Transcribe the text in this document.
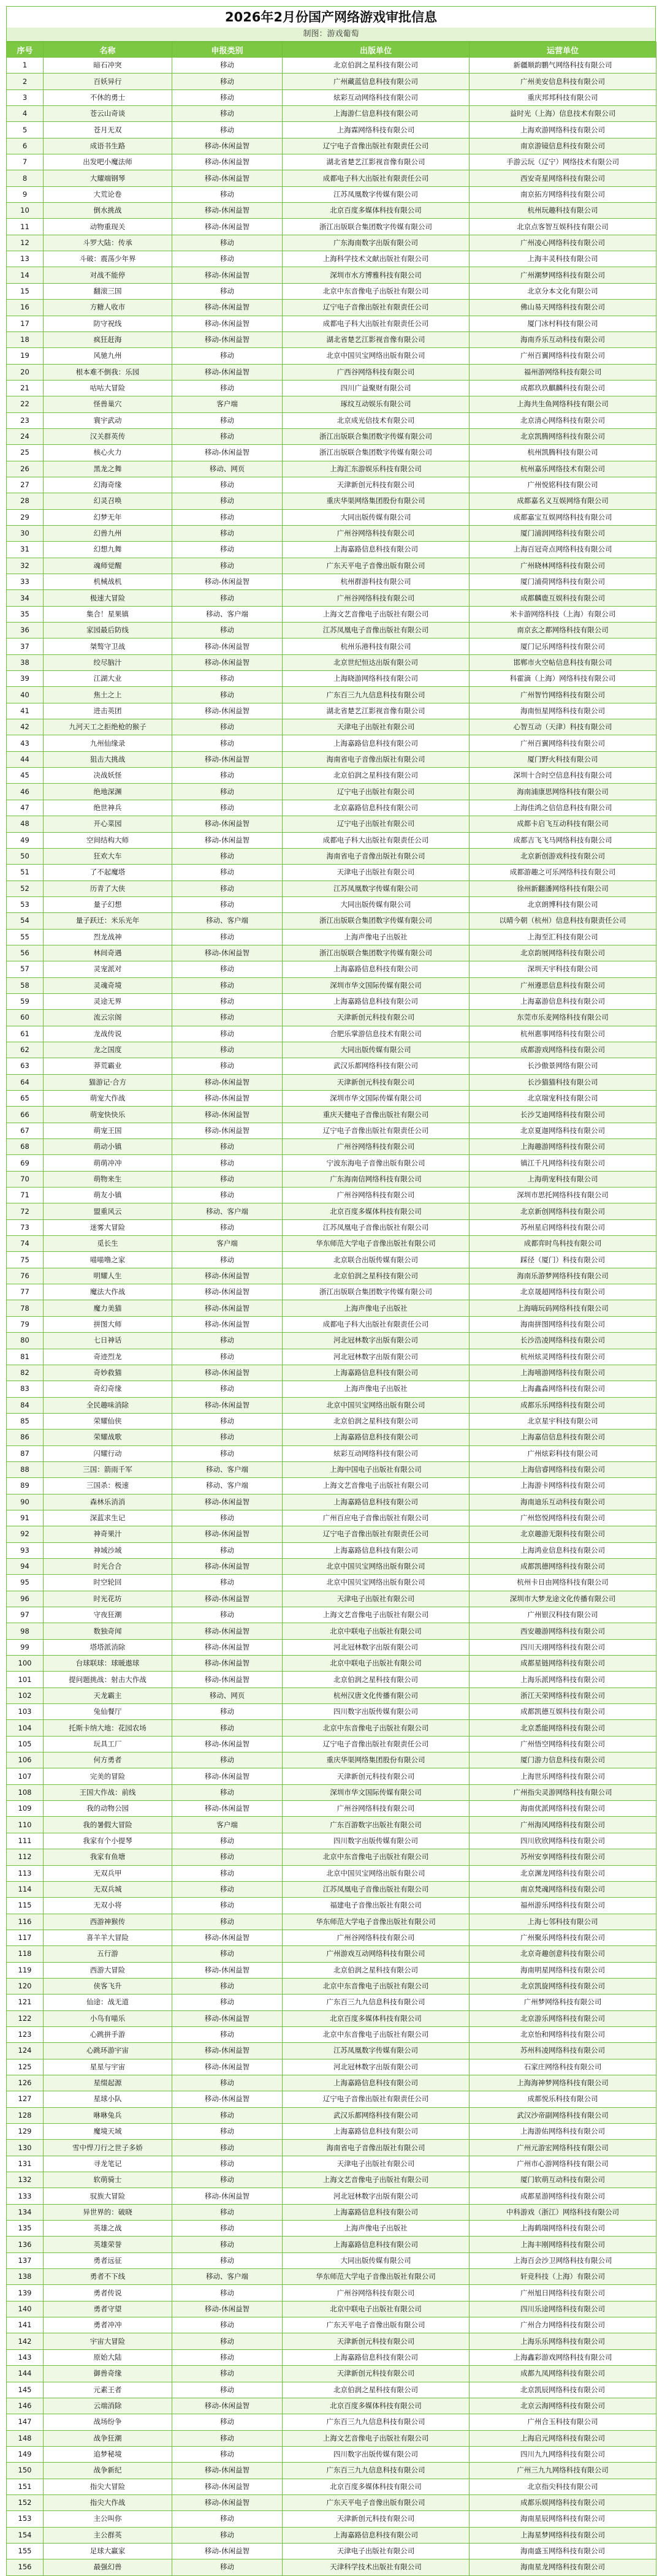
2026年2月份国产网络游戏审批信息
制图：游戏葡萄
序号	名称	申报类别	出版单位	运营单位
1	暗石冲突	移动	北京伯润之星科技有限公司	新疆顺韵鹏气网络科技有限公司
2	百妖异行	移动	广州藏蓝信息科技有限公司	广州美安信息科技有限公司
3	不休的勇士	移动	炫彩互动网络科技有限公司	重庆邦邦科技有限公司
4	苍云山奇谈	移动	上海游仁信息科技有限公司	益时光（上海）信息技术有限公司
5	苍月无双	移动	上海霖网络科技有限公司	上海欢游网络科技有限公司
6	成语书生路	移动-休闲益智	辽宁电子音像出版社有限责任公司	南京游镜信息科技有限公司
7	出发吧小魔法师	移动-休闲益智	湖北省楚艺江影视音像有限公司	手游云玩（辽宁）网络技术有限公司
8	大耀端钢琴	移动-休闲益智	成都电子科大出版社有限责任公司	西安奇星网络科技有限公司
9	大荒论卷	移动	江苏凤凰数字传媒有限公司	南京拓方网络科技有限公司
10	倒水挑战	移动-休闲益智	北京百度多媒体科技有限公司	杭州玩趣科技有限公司
11	动物重现关	移动-休闲益智	浙江出版联合集团数字传媒有限公司	北京点客智互娱科技有限公司
12	斗罗大陆：传承	移动	广东海南数字出版有限公司	广州凌心网络科技有限公司
13	斗破：震荡少年界	移动	上海科学技术文献出版社有限公司	上海丰灵科技有限公司
14	对战不能停	移动-休闲益智	深圳市水方博雅科技有限公司	广州潮梦网络科技有限公司
15	翻滚三国	移动	北京中东音像电子出版社有限公司	北京分本文化有限公司
16	方糖人收市	移动-休闲益智	辽宁电子音像出版社有限责任公司	佛山易天网络科技有限公司
17	防守祝线	移动-休闲益智	成都电子科大出版社有限责任公司	厦门冰村科技有限公司
18	疯狂赶海	移动-休闲益智	湖北省楚艺江影视音像有限公司	海南乔乐互动科技有限公司
19	风驰九州	移动	北京中国贝宝网络出版有限公司	广州百翼网络科技有限公司
20	根本难不倒我：乐园	移动-休闲益智	广西谷网络科技有限公司	福州游网络科技有限公司
21	咕咕大冒险	移动	四川广益聚财有限公司	成都玖玖麒麟科技有限公司
22	怪兽巢穴	客户端	琢纹互动娱乐有限公司	上海共生鱼网络科技有限公司
23	寰宇武动	移动	北京成光信技术有限公司	北京清心网络科技有限公司
24	汉关群英传	移动	浙江出版联合集团数字传媒有限公司	北京凯腾网络科技有限公司
25	核心火力	移动-休闲益智	浙江出版联合集团数字传媒有限公司	杭州凯腾科技有限公司
26	黑龙之舞	移动、网页	上海汇东游娱乐科技有限公司	杭州嘉乐网络技术有限公司
27	幻海奇缘	移动	天津新创元科技有限公司	广州悦铭科技有限公司
28	幻灵召唤	移动	重庆华渠网络集团股份有限公司	成都嘉名义互娱网络有限公司
29	幻梦无年	移动	大同出版传媒有限公司	成都嘉宝互娱网络科技有限公司
30	幻兽九州	移动	广州谷网络科技有限公司	厦门浦润网络科技有限公司
31	幻想九舞	移动	上海嘉路信息科技有限公司	上海百冠奇点网络科技有限公司
32	魂师觉醒	移动	广东天平电子音像出版有限公司	广州晓林网络科技有限公司
33	机械战机	移动-休闲益智	杭州群游科技有限公司	厦门浦荷网络科技有限公司
34	极速大冒险	移动	广州谷网络科技有限公司	成都麟鹿互娱科技有限公司
35	集合！星果镇	移动、客户端	上海文艺音像电子出版社有限公司	米卡游网络科技（上海）有限公司
36	家园最后防线	移动	江苏凤凰电子音像出版社有限公司	南京玄之都网络科技有限公司
37	桀骜守卫战	移动-休闲益智	杭州乐港科技有限公司	厦门记乐网络科技有限公司
38	绞尽脑汁	移动-休闲益智	北京世纪恒达出版有限公司	邯郸市火空帖信息科技有限公司
39	江湖大业	移动	上海晓游网络科技有限公司	科霍滴（上海）网络科技有限公司
40	焦土之上	移动	广东百三九九信息科技有限公司	广州智竹网络科技有限公司
41	进击英团	移动-休闲益智	湖北省楚艺江影视音像有限公司	海南恒星网络科技有限公司
42	九河天工之拒绝枪的猴子	移动	天津电子出版社有限公司	心智互动（天津）科技有限公司
43	九州仙缘录	移动	上海嘉路信息科技有限公司	广州百翼网络科技有限公司
44	狙击大挑战	移动-休闲益智	海南省电子音像出版社有限公司	厦门野火科技有限公司
45	决战妖怪	移动	北京伯润之星科技有限公司	深圳十合时空信息科技有限公司
46	绝地深渊	移动	辽宁电子出版社有限公司	海南浦康思网络科技有限公司
47	绝世神兵	移动	北京嘉路信息科技有限公司	上海佳鸿之信信息科技有限公司
48	开心菜园	移动-休闲益智	辽宁电子出版社有限公司	成都卡启飞互动科技有限公司
49	空间结构大师	移动-休闲益智	成都电子科大出版社有限责任公司	成都吉飞飞马网络科技有限公司
50	狂欢大车	移动	海南省电子音像出版社有限公司	北京新创游戏科技有限公司
51	了不起魔塔	移动	天津电子出版社有限公司	成都游趣之可乐网络科技有限公司
52	历青了大侠	移动	江苏凤凰数字传媒有限公司	徐州新翻潘网络科技有限公司
53	量子幻想	移动	大同出版传媒有限公司	北京朗博科技有限公司
54	量子跃迁：米乐光年	移动、客户端	浙江出版联合集团数字传媒有限公司	以晴今朝（杭州）信息科技有限责任公司
55	烈龙战神	移动	上海声像电子出版社	上海至汇科技有限公司
56	林间奇遇	移动-休闲益智	浙江出版联合集团数字传媒有限公司	北京韵展网络科技有限公司
57	灵宠派对	移动	上海嘉路信息科技有限公司	深圳天宇科技有限公司
58	灵魂奇境	移动	深圳市华文国际传媒有限公司	广州遵思信息科技有限公司
59	灵途无界	移动	上海嘉路信息科技有限公司	上海嘉游信息科技有限公司
60	流云宗阁	移动	天津新创元科技有限公司	东莞市乐麦网络科技有限公司
61	龙战传说	移动	合肥乐掌游信息技术有限公司	杭州惠事网络科技有限公司
62	龙之国度	移动	大同出版传媒有限公司	成都游戏网络科技有限公司
63	莽荒霸业	移动	武汉乐都网络科技有限公司	长沙傲景网络有限公司
64	猫游记·合方	移动-休闲益智	天津新创元科技有限公司	长沙猫猫科技有限公司
65	萌宠大作战	移动-休闲益智	深圳市华文国际传媒有限公司	北京瑞宠科技有限公司
66	萌宠快快乐	移动-休闲益智	重庆天健电子音像出版社有限公司	长沙艾迪网络科技有限公司
67	萌宠王国	移动-休闲益智	辽宁电子音像出版社有限责任公司	北京夏迦网络科技有限公司
68	萌动小镇	移动	广州谷网络科技有限公司	上海趣游网络科技有限公司
69	萌萌冲冲	移动	宁波东海电子音像出版有限公司	镇江千凡网络科技有限公司
70	萌物来生	移动	广东海南信网络科技有限公司	上海萌宠科技有限公司
71	萌友小镇	移动	广州谷网络科技有限公司	深圳市思托网络科技有限公司
72	盟重风云	移动、客户端	北京百度多媒体科技有限公司	北京新创网络科技有限公司
73	迷雾大冒险	移动	江苏凤凰电子音像出版社有限公司	苏州星启网络科技有限公司
74	觅长生	客户端	华东师范大学电子音像出版社有限公司	成都弈时鸟科技有限公司
75	喵喵噜之家	移动	北京联合出版传媒有限公司	踩径（厦门）科技有限公司
76	明耀人生	移动-休闲益智	北京伯润之星科技有限公司	海南乐游梦网络科技有限公司
77	魔法大作战	移动-休闲益智	浙江出版联合集团数字传媒有限公司	北京晟超网络科技有限公司
78	魔力美猫	移动-休闲益智	上海声像电子出版社	上海嗨玩码网络科技有限公司
79	拼图大师	移动-休闲益智	成都电子科大出版社有限责任公司	海南拼图网络科技有限公司
80	七日神话	移动	河北冠林数字出版有限公司	长沙浩凌网络科技有限公司
81	奇迹烈龙	移动	河北冠林数字出版有限公司	杭州炫灵网络科技有限公司
82	奇妙救猫	移动-休闲益智	上海嘉路信息科技有限公司	上海嘻游网络科技有限公司
83	奇幻奇缘	移动	上海声像电子出版社	上海鑫淼网络科技有限公司
84	全民趣味消除	移动-休闲益智	北京中国贝宝网络出版有限公司	成都乐乐网络科技有限公司
85	荣耀仙侠	移动	北京伯润之星科技有限公司	北京星宇科技有限公司
86	荣耀战歌	移动	上海嘉路信息科技有限公司	上海嘉信信息科技有限公司
87	闪耀行动	移动	炫彩互动网络科技有限公司	广州炫彩科技有限公司
88	三国：箭雨千军	移动、客户端	上海中国电子出版社有限公司	上海信睿网络科技有限公司
89	三国杀：极速	移动、客户端	上海文艺音像电子出版社有限公司	上海游卡网络科技有限公司
90	森林乐消消	移动-休闲益智	上海嘉路信息科技有限公司	海南迪乐互动科技有限公司
91	深蓝求生记	移动	广州百应电子音像出版社有限公司	广州悠悦网络科技有限公司
92	神奇果汁	移动-休闲益智	辽宁电子音像出版社有限责任公司	北京趣游无限科技有限公司
93	神域沙域	移动	上海嘉路信息科技有限公司	上海鸿业信息科技有限公司
94	时光合合	移动-休闲益智	北京中国贝宝网络出版有限公司	成都凯德网络科技有限公司
95	时空轮回	移动	北京中国贝宝网络出版有限公司	杭州卡日由网络科技有限公司
96	时光花坊	移动-休闲益智	天津电子出版社有限公司	深圳市大梦龙途文化传播有限公司
97	守夜狂潮	移动	上海文艺音像电子出版社有限公司	广州银汉科技有限公司
98	数独奇闻	移动-休闲益智	北京中联电子出版社有限公司	西安趣游网络科技有限公司
99	塔塔派消除	移动-休闲益智	河北冠林数字出版有限公司	四川天翊网络科技有限公司
100	台球联球：球暖遨球	移动-休闲益智	北京中联电子出版社有限公司	成都星链网络科技有限公司
101	提问题挑战：射击大作战	移动-休闲益智	北京伯润之星科技有限公司	上海乐派网络科技有限公司
102	天龙霸主	移动、网页	杭州汉唐文化传播有限公司	浙江天荣网络科技有限公司
103	兔仙餐厅	移动	四川数字出版传媒有限公司	成都凯德互娱科技有限公司
104	托斯卡纳大地：花园农场	移动	北京中东音像电子出版社有限公司	北京悉能网络科技有限公司
105	玩具工厂	移动-休闲益智	辽宁电子音像出版社有限责任公司	广州悟空网络科技有限公司
106	何方勇者	移动	重庆华渠网络集团股份有限公司	厦门游力信息科技有限公司
107	完美的冒险	移动-休闲益智	天津新创元科技有限公司	上海世乐网络科技有限公司
108	王国大作战：前线	移动	深圳市华文国际传媒有限公司	广州指尖灵游网络科技有限公司
109	我的动物公园	移动-休闲益智	广州谷网络科技有限公司	海南优派网络科技有限公司
110	我的暑假大冒险	客户端	广东百游数字出版社有限公司	广州海风网络科技有限公司
111	我家有个小提琴	移动	四川数字出版传媒有限公司	四川欣欣网络科技有限公司
112	我家有鱼塘	移动	北京中东音像电子出版社有限公司	苏州安享网络科技有限公司
113	无双兵甲	移动	北京中国贝宝网络出版有限公司	北京渊龙网络科技有限公司
114	无双兵城	移动	江苏凤凰电子音像出版社有限公司	南京梵魂网络科技有限公司
115	无双小将	移动	福建电子音像出版社有限公司	福州游乐网络科技有限公司
116	西游神猴传	移动	华东师范大学电子音像出版社有限公司	上海七邻科技有限公司
117	喜羊羊大冒险	移动-休闲益智	广州谷网络科技有限公司	广州聚乐网络科技有限公司
118	五行游	移动	广州游戏互动网络科技有限公司	北京奇趣创意科技有限公司
119	西游大冒险	移动-休闲益智	北京伯润之星科技有限公司	海南明星网络科技有限公司
120	侠客飞升	移动	北京中东音像电子出版社有限公司	北京凯旋网络科技有限公司
121	仙途：战无道	移动	广东百三九九信息科技有限公司	广州梦网络科技有限公司
122	小鸟有喵乐	移动-休闲益智	北京百度多媒体科技有限公司	北京游乐网络科技有限公司
123	心跳拼手游	移动	北京中东音像电子出版社有限公司	北京怡和网络科技有限公司
124	心跳环游宇宙	移动-休闲益智	江苏凤凰数字传媒有限公司	苏州科凌网络科技有限公司
125	星星与宇宙	移动-休闲益智	河北冠林数字出版有限公司	石家庄网络科技有限公司
126	星缀起源	移动	上海嘉路信息科技有限公司	上海海神梦网络科技有限公司
127	星球小队	移动-休闲益智	辽宁电子音像出版社有限责任公司	成都悦乐科技有限公司
128	咻咻兔兵	移动	武汉乐都网络科技有限公司	武汉沙帝副网络科技有限公司
129	魔境天域	移动	上海嘉路信息科技有限公司	上海游佑网络科技有限公司
130	雪中悍刀行之世子多娇	移动	海南省电子音像出版社有限公司	广州元游宏网络科技有限公司
131	寻龙笔记	移动	天津电子出版社有限公司	广州市心游网络科技有限公司
132	软萌骑士	移动	上海文艺音像电子出版社有限公司	厦门软萌互动科技有限公司
133	驭族大冒险	移动-休闲益智	河北冠林数字出版有限公司	成都星游网络科技有限公司
134	异世界的：破晓	移动	上海嘉路信息科技有限公司	中科游戏（浙江）网络科技有限公司
135	英雄之战	移动	上海声像电子出版社	上海鹤瑞网络科技有限公司
136	英雄荣誉	移动	上海嘉路信息科技有限公司	上海丰刚网络科技有限公司
137	勇者远征	移动	大同出版传媒有限公司	上海百会沙卫网络科技有限公司
138	勇者不下线	移动、客户端	华东师范大学电子音像出版社有限公司	轩竞科技（上海）有限公司
139	勇者传说	移动	广州谷网络科技有限公司	广州旭日网络科技有限公司
140	勇者守望	移动-休闲益智	北京中联电子出版社有限公司	四川乐途网络科技有限公司
141	勇者冲冲	移动	广东天平电子音像出版有限公司	广州合力网络科技有限公司
142	宇宙大冒险	移动	天津新创元科技有限公司	上海乐乐网络科技有限公司
143	原始大陆	移动	上海嘉路信息科技有限公司	上海鑫彩游戏网络科技有限公司
144	御兽奇缘	移动	天津新创元科技有限公司	成都九凤网络科技有限公司
145	元素王者	移动	北京伯润之星科技有限公司	北京凯辰网络科技有限公司
146	云端消除	移动-休闲益智	北京百度多媒体科技有限公司	北京云海网络科技有限公司
147	战场纷争	移动	广东百三九九信息科技有限公司	广州合玉科技有限公司
148	战争狂潮	移动	上海文艺音像电子出版社有限公司	上海启元网络科技有限公司
149	追梦秘境	移动	四川数字出版传媒有限公司	四川九九网络科技有限公司
150	战争新纪	移动-休闲益智	广东百三九九信息科技有限公司	广州三九九网络科技有限公司
151	指尖大冒险	移动-休闲益智	北京百度多媒体科技有限公司	北京指尖科技有限公司
152	指尖大作战	移动-休闲益智	广东天平电子音像出版有限公司	成都乐娱网络科技有限公司
153	主公叫你	移动	天津新创元科技有限公司	海南星辰网络科技有限公司
154	主公群英	移动	上海嘉路信息科技有限公司	上海星梦网络科技有限公司
155	足球大赢家	移动-休闲益智	天津电子出版社有限公司	海南盛玉网络科技有限公司
156	最强幻兽	移动	天津科学技术出版社有限公司	海南星龙网络科技有限公司
